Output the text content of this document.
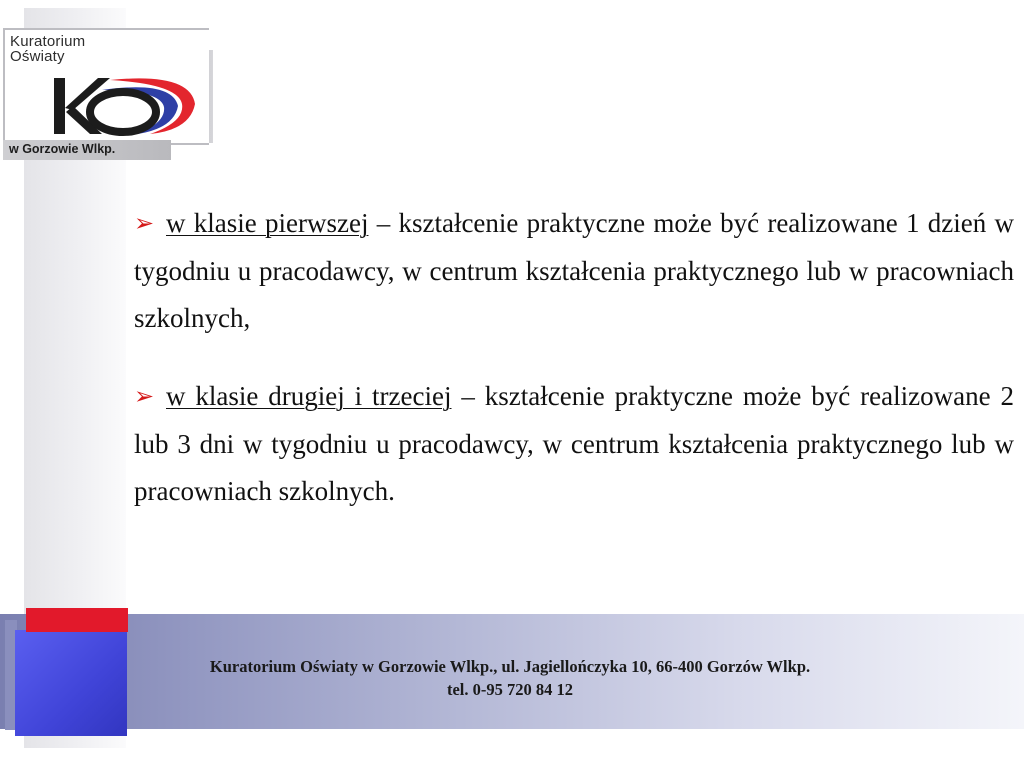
Kuratorium
Oświaty
w Gorzowie Wlkp.

➢ w klasie pierwszej – kształcenie praktyczne może być realizowane 1 dzień w tygodniu u pracodawcy, w centrum kształcenia praktycznego lub w pracowniach szkolnych,

➢ w klasie drugiej i trzeciej – kształcenie praktyczne może być realizowane 2 lub 3 dni w tygodniu u pracodawcy, w centrum kształcenia praktycznego lub w pracowniach szkolnych.

Kuratorium Oświaty w Gorzowie Wlkp., ul. Jagiellończyka 10, 66-400 Gorzów Wlkp.
tel. 0-95 720 84 12
